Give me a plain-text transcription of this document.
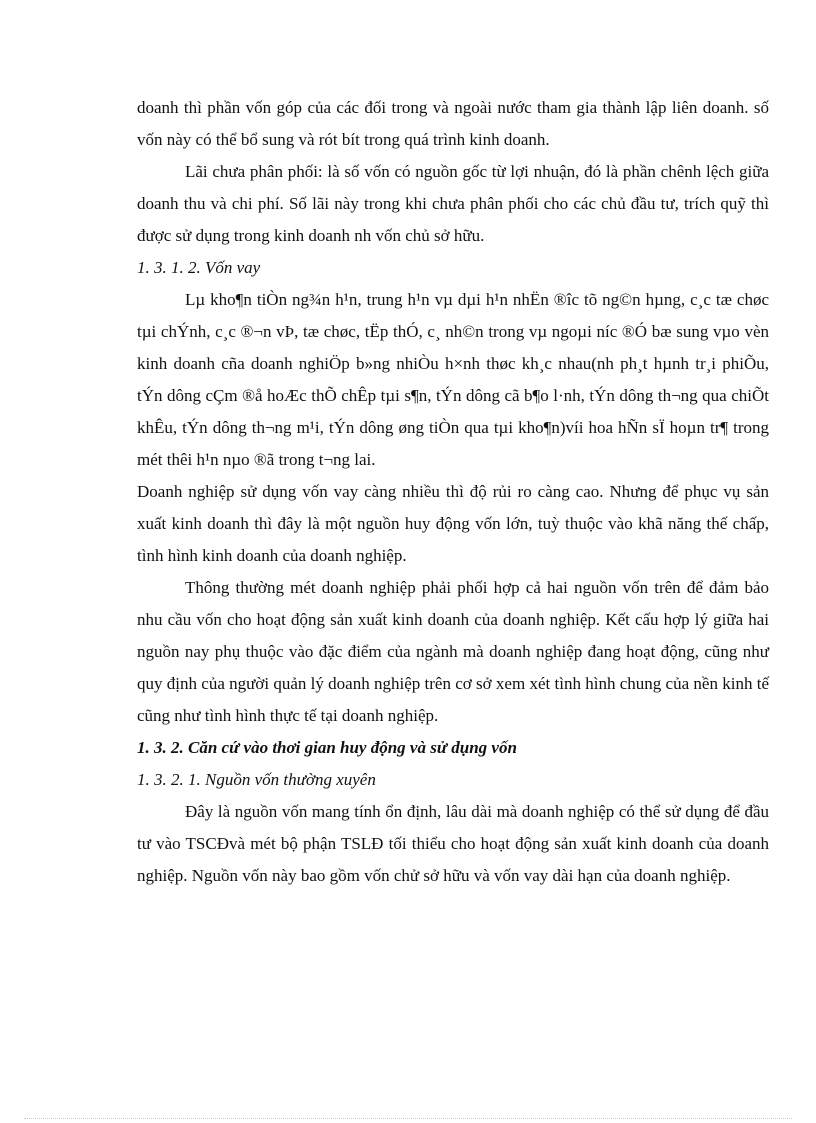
doanh thì phần vốn góp của các đối trong và ngoài nước tham gia thành lập liên doanh. số vốn này có thể bổ sung và rót bít trong quá trình kinh doanh.

Lãi chưa phân phối: là số vốn có nguồn gốc từ lợi nhuận, đó là phần chênh lệch giữa doanh thu và chi phí. Số lãi này trong khi chưa phân phối cho các chủ đầu tư, trích quỹ thì được sử dụng trong kinh doanh nh vốn chủ sở hữu.

1. 3. 1. 2. Vốn vay

Lµ kho¶n tiÒn ng¾n h¹n, trung h¹n vµ dµi h¹n nhËn ®îc tõ ng©n hµng, c¸c tæ chøc tµi chÝnh, c¸c ®¬n vÞ, tæ chøc, tËp thÓ, c¸ nh©n trong vµ ngoµi níc ®Ó bæ sung vµo vèn kinh doanh cña doanh nghiÖp b»ng nhiÒu h×nh thøc kh¸c nhau(nh ph¸t hµnh tr¸i phiÕu, tÝn dông cÇm ®å hoÆc thÕ chÊp tµi s¶n, tÝn dông cã b¶o l·nh, tÝn dông th¬ng qua chiÕt khÊu, tÝn dông th¬ng m¹i, tÝn dông øng tiÒn qua tµi kho¶n)víi hoa hÑn sÏ hoµn tr¶ trong mét thêi h¹n nµo ®ã trong t¬ng lai.

Doanh nghiệp sử dụng vốn vay càng nhiều thì độ rủi ro càng cao. Nhưng để phục vụ sản xuất kinh doanh thì đây là một nguồn huy động vốn lớn, tuỳ thuộc vào khã năng thế chấp, tình hình kinh doanh của doanh nghiệp.

Thông thường mét doanh nghiệp phải phối hợp cả hai nguồn vốn trên để đảm bảo nhu cầu vốn cho hoạt động sản xuất kinh doanh của doanh nghiệp. Kết cấu hợp lý giữa hai nguồn nay phụ thuộc vào đặc điểm của ngành mà doanh nghiệp đang hoạt động, cũng như quy định của người quản lý doanh nghiệp trên cơ sở xem xét tình hình chung của nền kinh tế cũng như tình hình thực tế tại doanh nghiệp.

1. 3. 2. Căn cứ vào thơi gian huy động và sử dụng vốn

1. 3. 2. 1. Nguồn vốn thường xuyên

Đây là nguồn vốn mang tính ổn định, lâu dài mà doanh nghiệp có thể sử dụng để đầu tư vào TSCĐvà mét bộ phận TSLĐ tối thiểu cho hoạt động sản xuất kinh doanh của doanh nghiệp. Nguồn vốn này bao gồm vốn chử sở hữu và vốn vay dài hạn của doanh nghiệp.
